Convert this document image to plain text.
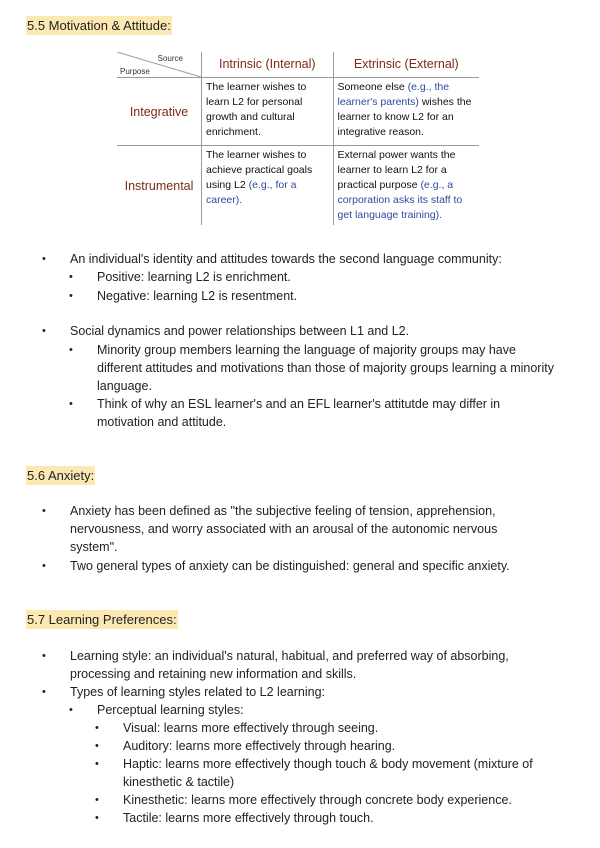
5.5 Motivation & Attitude:
Source
Purpose	Intrinsic (Internal)	Extrinsic (External)
Integrative	The learner wishes to learn L2 for personal growth and cultural enrichment.	Someone else (e.g., the learner's parents) wishes the learner to know L2 for an integrative reason.
Instrumental	The learner wishes to achieve practical goals using L2 (e.g., for a career).	External power wants the learner to learn L2 for a practical purpose (e.g., a corporation asks its staff to get language training).
• An individual's identity and attitudes towards the second language community:
• Positive: learning L2 is enrichment.
• Negative: learning L2 is resentment.
• Social dynamics and power relationships between L1 and L2.
• Minority group members learning the language of majority groups may have different attitudes and motivations than those of majority groups learning a minority language.
• Think of why an ESL learner's and an EFL learner's attitutde may differ in motivation and attitude.
5.6 Anxiety:
• Anxiety has been defined as "the subjective feeling of tension, apprehension, nervousness, and worry associated with an arousal of the autonomic nervous system".
• Two general types of anxiety can be distinguished: general and specific anxiety.
5.7 Learning Preferences:
• Learning style: an individual's natural, habitual, and preferred way of absorbing, processing and retaining new information and skills.
• Types of learning styles related to L2 learning:
• Perceptual learning styles:
• Visual: learns more effectively through seeing.
• Auditory: learns more effectively through hearing.
• Haptic: learns more effectively though touch & body movement (mixture of kinesthetic & tactile)
• Kinesthetic: learns more effectively through concrete body experience.
• Tactile: learns more effectively through touch.
